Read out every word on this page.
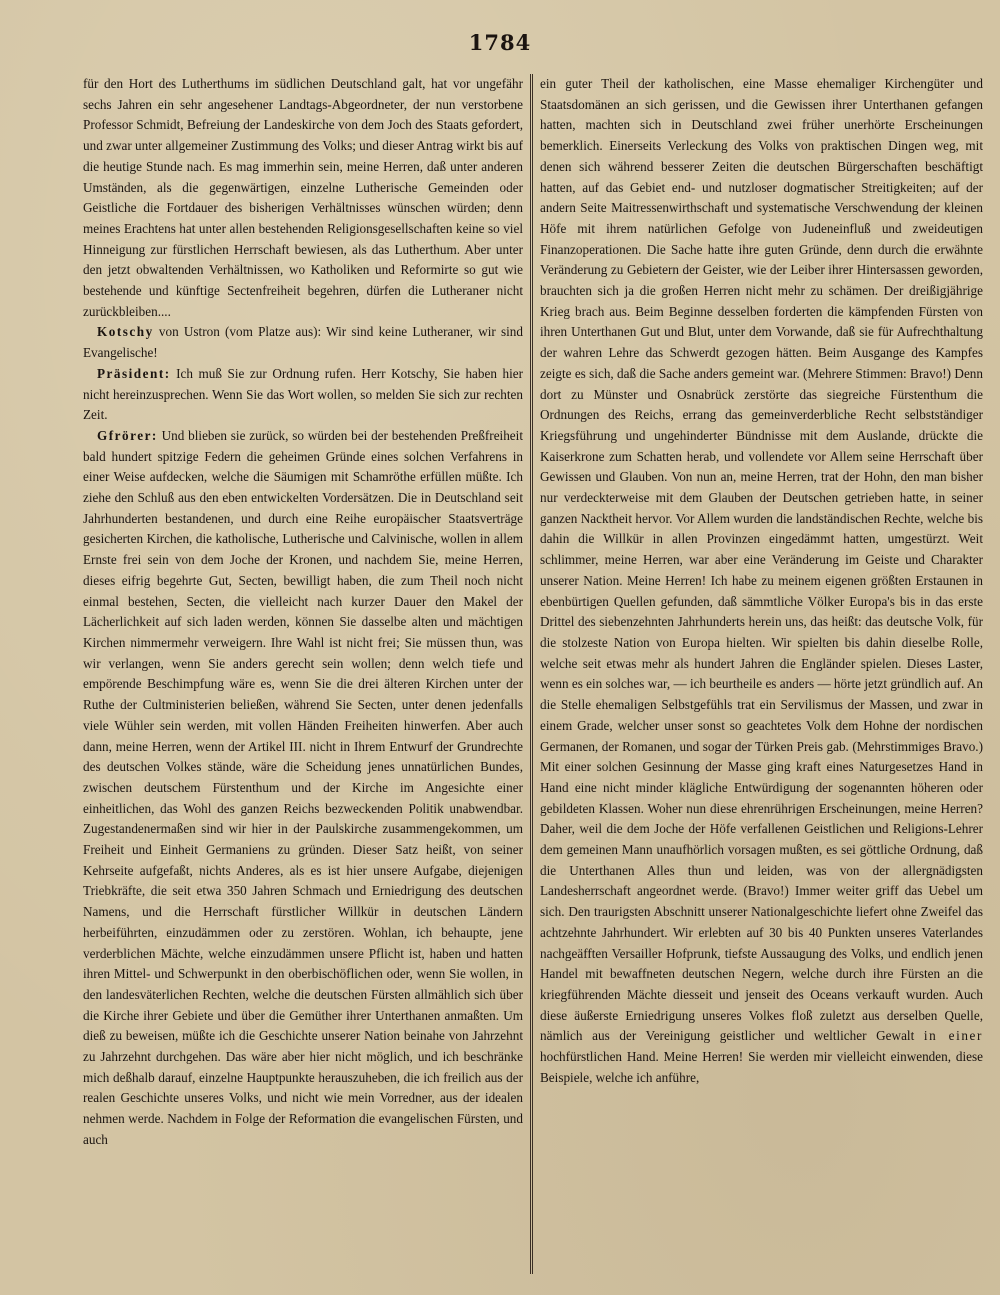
1784

für den Hort des Lutherthums im südlichen Deutschland galt, hat vor ungefähr sechs Jahren ein sehr angesehener Landtags-Abgeordneter, der nun verstorbene Professor Schmidt, Befreiung der Landeskirche von dem Joch des Staats gefordert, und zwar unter allgemeiner Zustimmung des Volks; und dieser Antrag wirkt bis auf die heutige Stunde nach. Es mag immerhin sein, meine Herren, daß unter anderen Umständen, als die gegenwärtigen, einzelne Lutherische Gemeinden oder Geistliche die Fortdauer des bisherigen Verhältnisses wünschen würden; denn meines Erachtens hat unter allen bestehenden Religionsgesellschaften keine so viel Hinneigung zur fürstlichen Herrschaft bewiesen, als das Lutherthum. Aber unter den jetzt obwaltenden Verhältnissen, wo Katholiken und Reformirte so gut wie bestehende und künftige Sectenfreiheit begehren, dürfen die Lutheraner nicht zurückbleiben....

Kotschy von Ustron (vom Platze aus): Wir sind keine Lutheraner, wir sind Evangelische!

Präsident: Ich muß Sie zur Ordnung rufen. Herr Kotschy, Sie haben hier nicht hereinzusprechen. Wenn Sie das Wort wollen, so melden Sie sich zur rechten Zeit.

Gfrörer: Und blieben sie zurück, so würden bei der bestehenden Preßfreiheit bald hundert spitzige Federn die geheimen Gründe eines solchen Verfahrens in einer Weise aufdecken, welche die Säumigen mit Schamröthe erfüllen müßte. Ich ziehe den Schluß aus den eben entwickelten Vordersätzen. Die in Deutschland seit Jahrhunderten bestandenen, und durch eine Reihe europäischer Staatsverträge gesicherten Kirchen, die katholische, Lutherische und Calvinische, wollen in allem Ernste frei sein von dem Joche der Kronen, und nachdem Sie, meine Herren, dieses eifrig begehrte Gut, Secten, bewilligt haben, die zum Theil noch nicht einmal bestehen, Secten, die vielleicht nach kurzer Dauer den Makel der Lächerlichkeit auf sich laden werden, können Sie dasselbe alten und mächtigen Kirchen nimmermehr verweigern. Ihre Wahl ist nicht frei; Sie müssen thun, was wir verlangen, wenn Sie anders gerecht sein wollen; denn welch tiefe und empörende Beschimpfung wäre es, wenn Sie die drei älteren Kirchen unter der Ruthe der Cultministerien beließen, während Sie Secten, unter denen jedenfalls viele Wühler sein werden, mit vollen Händen Freiheiten hinwerfen. Aber auch dann, meine Herren, wenn der Artikel III. nicht in Ihrem Entwurf der Grundrechte des deutschen Volkes stände, wäre die Scheidung jenes unnatürlichen Bundes, zwischen deutschem Fürstenthum und der Kirche im Angesichte einer einheitlichen, das Wohl des ganzen Reichs bezweckenden Politik unabwendbar. Zugestandenermaßen sind wir hier in der Paulskirche zusammengekommen, um Freiheit und Einheit Germaniens zu gründen. Dieser Satz heißt, von seiner Kehrseite aufgefaßt, nichts Anderes, als es ist hier unsere Aufgabe, diejenigen Triebkräfte, die seit etwa 350 Jahren Schmach und Erniedrigung des deutschen Namens, und die Herrschaft fürstlicher Willkür in deutschen Ländern herbeiführten, einzudämmen oder zu zerstören. Wohlan, ich behaupte, jene verderblichen Mächte, welche einzudämmen unsere Pflicht ist, haben und hatten ihren Mittel- und Schwerpunkt in den oberbischöflichen oder, wenn Sie wollen, in den landesväterlichen Rechten, welche die deutschen Fürsten allmählich sich über die Kirche ihrer Gebiete und über die Gemüther ihrer Unterthanen anmaßten. Um dieß zu beweisen, müßte ich die Geschichte unserer Nation beinahe von Jahrzehnt zu Jahrzehnt durchgehen. Das wäre aber hier nicht möglich, und ich beschränke mich deßhalb darauf, einzelne Hauptpunkte herauszuheben, die ich freilich aus der realen Geschichte unseres Volks, und nicht wie mein Vorredner, aus der idealen nehmen werde. Nachdem in Folge der Reformation die evangelischen Fürsten, und auch

ein guter Theil der katholischen, eine Masse ehemaliger Kirchengüter und Staatsdomänen an sich gerissen, und die Gewissen ihrer Unterthanen gefangen hatten, machten sich in Deutschland zwei früher unerhörte Erscheinungen bemerklich. Einerseits Verleckung des Volks von praktischen Dingen weg, mit denen sich während besserer Zeiten die deutschen Bürgerschaften beschäftigt hatten, auf das Gebiet end- und nutzloser dogmatischer Streitigkeiten; auf der andern Seite Maitressenwirthschaft und systematische Verschwendung der kleinen Höfe mit ihrem natürlichen Gefolge von Judeneinfluß und zweideutigen Finanzoperationen. Die Sache hatte ihre guten Gründe, denn durch die erwähnte Veränderung zu Gebietern der Geister, wie der Leiber ihrer Hintersassen geworden, brauchten sich ja die großen Herren nicht mehr zu schämen. Der dreißigjährige Krieg brach aus. Beim Beginne desselben forderten die kämpfenden Fürsten von ihren Unterthanen Gut und Blut, unter dem Vorwande, daß sie für Aufrechthaltung der wahren Lehre das Schwerdt gezogen hätten. Beim Ausgange des Kampfes zeigte es sich, daß die Sache anders gemeint war. (Mehrere Stimmen: Bravo!) Denn dort zu Münster und Osnabrück zerstörte das siegreiche Fürstenthum die Ordnungen des Reichs, errang das gemeinverderbliche Recht selbstständiger Kriegsführung und ungehinderter Bündnisse mit dem Auslande, drückte die Kaiserkrone zum Schatten herab, und vollendete vor Allem seine Herrschaft über Gewissen und Glauben. Von nun an, meine Herren, trat der Hohn, den man bisher nur verdeckterweise mit dem Glauben der Deutschen getrieben hatte, in seiner ganzen Nacktheit hervor. Vor Allem wurden die landständischen Rechte, welche bis dahin die Willkür in allen Provinzen eingedämmt hatten, umgestürzt. Weit schlimmer, meine Herren, war aber eine Veränderung im Geiste und Charakter unserer Nation. Meine Herren! Ich habe zu meinem eigenen größten Erstaunen in ebenbürtigen Quellen gefunden, daß sämmtliche Völker Europa's bis in das erste Drittel des siebenzehnten Jahrhunderts herein uns, das heißt: das deutsche Volk, für die stolzeste Nation von Europa hielten. Wir spielten bis dahin dieselbe Rolle, welche seit etwas mehr als hundert Jahren die Engländer spielen. Dieses Laster, wenn es ein solches war, — ich beurtheile es anders — hörte jetzt gründlich auf. An die Stelle ehemaligen Selbstgefühls trat ein Servilismus der Massen, und zwar in einem Grade, welcher unser sonst so geachtetes Volk dem Hohne der nordischen Germanen, der Romanen, und sogar der Türken Preis gab. (Mehrstimmiges Bravo.) Mit einer solchen Gesinnung der Masse ging kraft eines Naturgesetzes Hand in Hand eine nicht minder klägliche Entwürdigung der sogenannten höheren oder gebildeten Klassen. Woher nun diese ehrenrührigen Erscheinungen, meine Herren? Daher, weil die dem Joche der Höfe verfallenen Geistlichen und Religions-Lehrer dem gemeinen Mann unaufhörlich vorsagen mußten, es sei göttliche Ordnung, daß die Unterthanen Alles thun und leiden, was von der allergnädigsten Landesherrschaft angeordnet werde. (Bravo!) Immer weiter griff das Uebel um sich. Den traurigsten Abschnitt unserer Nationalgeschichte liefert ohne Zweifel das achtzehnte Jahrhundert. Wir erlebten auf 30 bis 40 Punkten unseres Vaterlandes nachgeäfften Versailler Hofprunk, tiefste Aussaugung des Volks, und endlich jenen Handel mit bewaffneten deutschen Negern, welche durch ihre Fürsten an die kriegführenden Mächte diesseit und jenseit des Oceans verkauft wurden. Auch diese äußerste Erniedrigung unseres Volkes floß zuletzt aus derselben Quelle, nämlich aus der Vereinigung geistlicher und weltlicher Gewalt in einer hochfürstlichen Hand. Meine Herren! Sie werden mir vielleicht einwenden, diese Beispiele, welche ich anführe,
